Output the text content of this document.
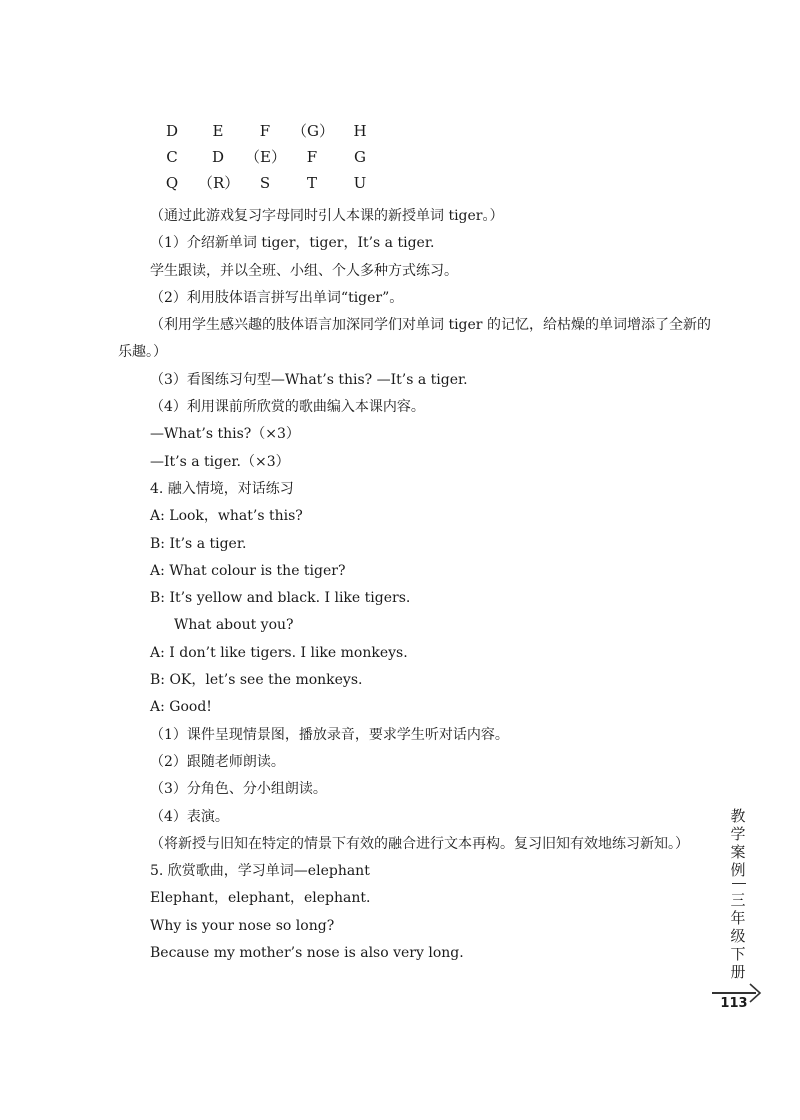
D	E	F	（G）	H
C	D	（E）	F	G
Q	（R）	S	T	U
（通过此游戏复习字母同时引人本课的新授单词 tiger。）
（1）介绍新单词 tiger，tiger，It’s a tiger.
学生跟读，并以全班、小组、个人多种方式练习。
（2）利用肢体语言拼写出单词“tiger”。
（利用学生感兴趣的肢体语言加深同学们对单词 tiger 的记忆，给枯燥的单词增添了全新的乐趣。）
（3）看图练习句型—What’s this? —It’s a tiger.
（4）利用课前所欣赏的歌曲编入本课内容。
—What’s this?（×3）
—It’s a tiger.（×3）
4. 融入情境，对话练习
A: Look，what’s this?
B: It’s a tiger.
A: What colour is the tiger?
B: It’s yellow and black. I like tigers.
What about you?
A: I don’t like tigers. I like monkeys.
B: OK，let’s see the monkeys.
A: Good!
（1）课件呈现情景图，播放录音，要求学生听对话内容。
（2）跟随老师朗读。
（3）分角色、分小组朗读。
（4）表演。
（将新授与旧知在特定的情景下有效的融合进行文本再构。复习旧知有效地练习新知。）
5. 欣赏歌曲，学习单词—elephant
Elephant，elephant，elephant.
Why is your nose so long?
Because my mother’s nose is also very long.
教
学
案
例
三
年
级
下
册
113
